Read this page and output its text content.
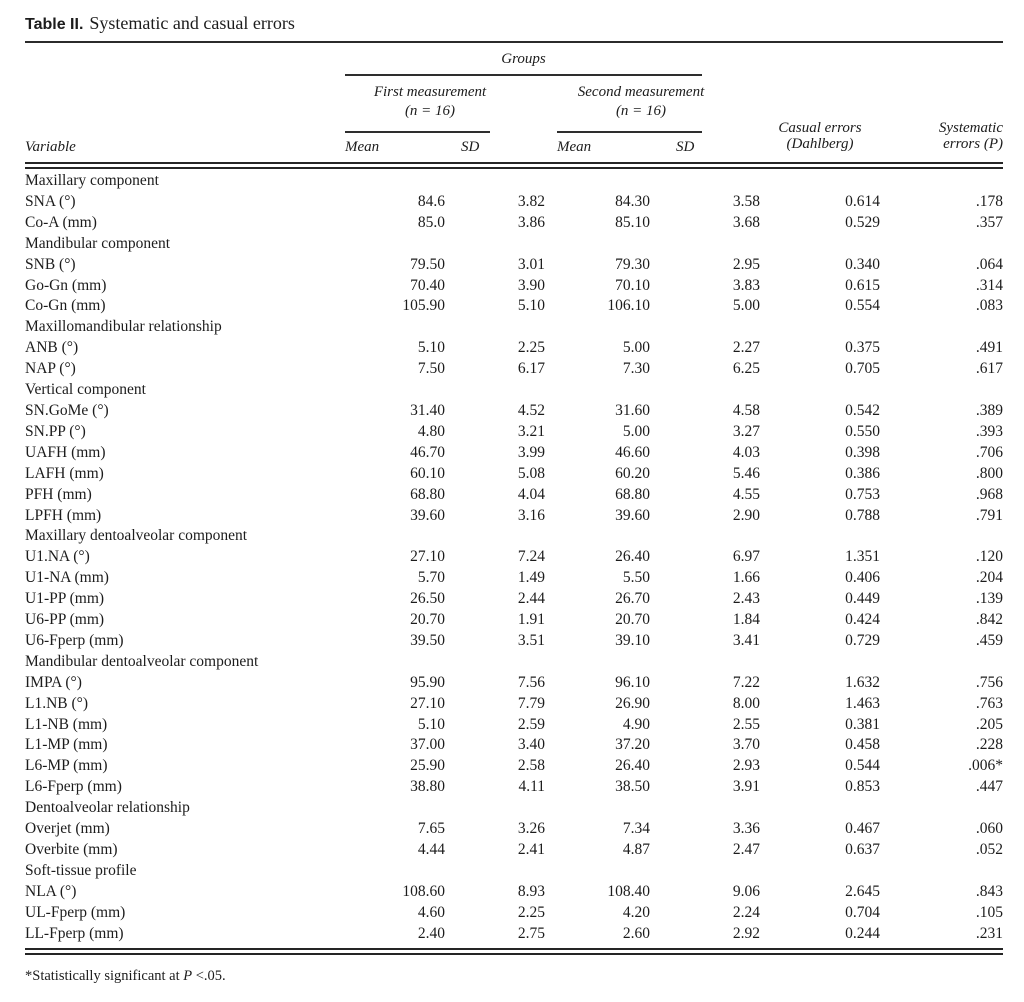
Table II. Systematic and casual errors
Groups
First measurement
(n = 16)
Second measurement
(n = 16)
Variable	Mean	SD	Mean	SD
Casual errors
(Dahlberg)
Systematic
errors (P)
Maxillary component						
SNA (°)	84.6	3.82	84.30	3.58	0.614	.178
Co-A (mm)	85.0	3.86	85.10	3.68	0.529	.357
Mandibular component						
SNB (°)	79.50	3.01	79.30	2.95	0.340	.064
Go-Gn (mm)	70.40	3.90	70.10	3.83	0.615	.314
Co-Gn (mm)	105.90	5.10	106.10	5.00	0.554	.083
Maxillomandibular relationship						
ANB (°)	5.10	2.25	5.00	2.27	0.375	.491
NAP (°)	7.50	6.17	7.30	6.25	0.705	.617
Vertical component						
SN.GoMe (°)	31.40	4.52	31.60	4.58	0.542	.389
SN.PP (°)	4.80	3.21	5.00	3.27	0.550	.393
UAFH (mm)	46.70	3.99	46.60	4.03	0.398	.706
LAFH (mm)	60.10	5.08	60.20	5.46	0.386	.800
PFH (mm)	68.80	4.04	68.80	4.55	0.753	.968
LPFH (mm)	39.60	3.16	39.60	2.90	0.788	.791
Maxillary dentoalveolar component						
U1.NA (°)	27.10	7.24	26.40	6.97	1.351	.120
U1-NA (mm)	5.70	1.49	5.50	1.66	0.406	.204
U1-PP (mm)	26.50	2.44	26.70	2.43	0.449	.139
U6-PP (mm)	20.70	1.91	20.70	1.84	0.424	.842
U6-Fperp (mm)	39.50	3.51	39.10	3.41	0.729	.459
Mandibular dentoalveolar component						
IMPA (°)	95.90	7.56	96.10	7.22	1.632	.756
L1.NB (°)	27.10	7.79	26.90	8.00	1.463	.763
L1-NB (mm)	5.10	2.59	4.90	2.55	0.381	.205
L1-MP (mm)	37.00	3.40	37.20	3.70	0.458	.228
L6-MP (mm)	25.90	2.58	26.40	2.93	0.544	.006*
L6-Fperp (mm)	38.80	4.11	38.50	3.91	0.853	.447
Dentoalveolar relationship						
Overjet (mm)	7.65	3.26	7.34	3.36	0.467	.060
Overbite (mm)	4.44	2.41	4.87	2.47	0.637	.052
Soft-tissue profile						
NLA (°)	108.60	8.93	108.40	9.06	2.645	.843
UL-Fperp (mm)	4.60	2.25	4.20	2.24	0.704	.105
LL-Fperp (mm)	2.40	2.75	2.60	2.92	0.244	.231
*Statistically significant at P <.05.
